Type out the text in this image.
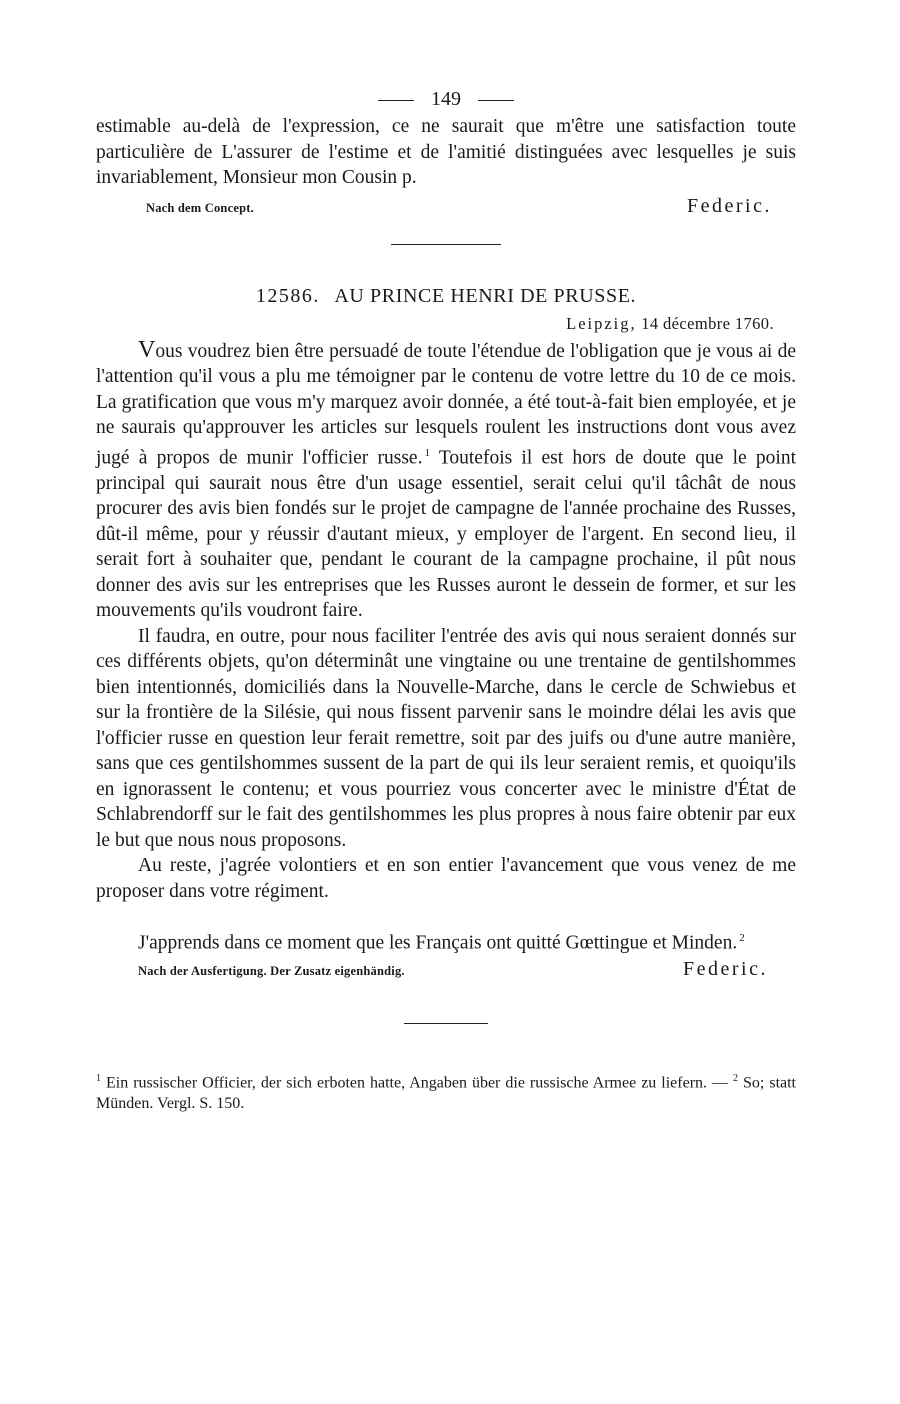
149

estimable au-delà de l'expression, ce ne saurait que m'être une satisfaction toute particulière de L'assurer de l'estime et de l'amitié distinguées avec lesquelles je suis invariablement, Monsieur mon Cousin p.

Nach dem Concept.	Federic.
12586. AU PRINCE HENRI DE PRUSSE.
Leipzig, 14 décembre 1760.

Vous voudrez bien être persuadé de toute l'étendue de l'obligation que je vous ai de l'attention qu'il vous a plu me témoigner par le contenu de votre lettre du 10 de ce mois. La gratification que vous m'y marquez avoir donnée, a été tout-à-fait bien employée, et je ne saurais qu'approuver les articles sur lesquels roulent les instructions dont vous avez jugé à propos de munir l'officier russe. $^1$ Toutefois il est hors de doute que le point principal qui saurait nous être d'un usage essentiel, serait celui qu'il tâchât de nous procurer des avis bien fondés sur le projet de campagne de l'année prochaine des Russes, dût-il même, pour y réussir d'autant mieux, y employer de l'argent. En second lieu, il serait fort à souhaiter que, pendant le courant de la campagne prochaine, il pût nous donner des avis sur les entreprises que les Russes auront le dessein de former, et sur les mouvements qu'ils voudront faire.

Il faudra, en outre, pour nous faciliter l'entrée des avis qui nous seraient donnés sur ces différents objets, qu'on déterminât une vingtaine ou une trentaine de gentilshommes bien intentionnés, domiciliés dans la Nouvelle-Marche, dans le cercle de Schwiebus et sur la frontière de la Silésie, qui nous fissent parvenir sans le moindre délai les avis que l'officier russe en question leur ferait remettre, soit par des juifs ou d'une autre manière, sans que ces gentilshommes sussent de la part de qui ils leur seraient remis, et quoiqu'ils en ignorassent le contenu; et vous pourriez vous concerter avec le ministre d'État de Schlabrendorff sur le fait des gentilshommes les plus propres à nous faire obtenir par eux le but que nous nous proposons.

Au reste, j'agrée volontiers et en son entier l'avancement que vous venez de me proposer dans votre régiment.

J'apprends dans ce moment que les Français ont quitté Gœttingue et Minden. $^2$

Nach der Ausfertigung. Der Zusatz eigenhändig.	Federic.

$^1$ Ein russischer Officier, der sich erboten hatte, Angaben über die russische Armee zu liefern. — $^2$ So; statt Münden. Vergl. S. 150.
